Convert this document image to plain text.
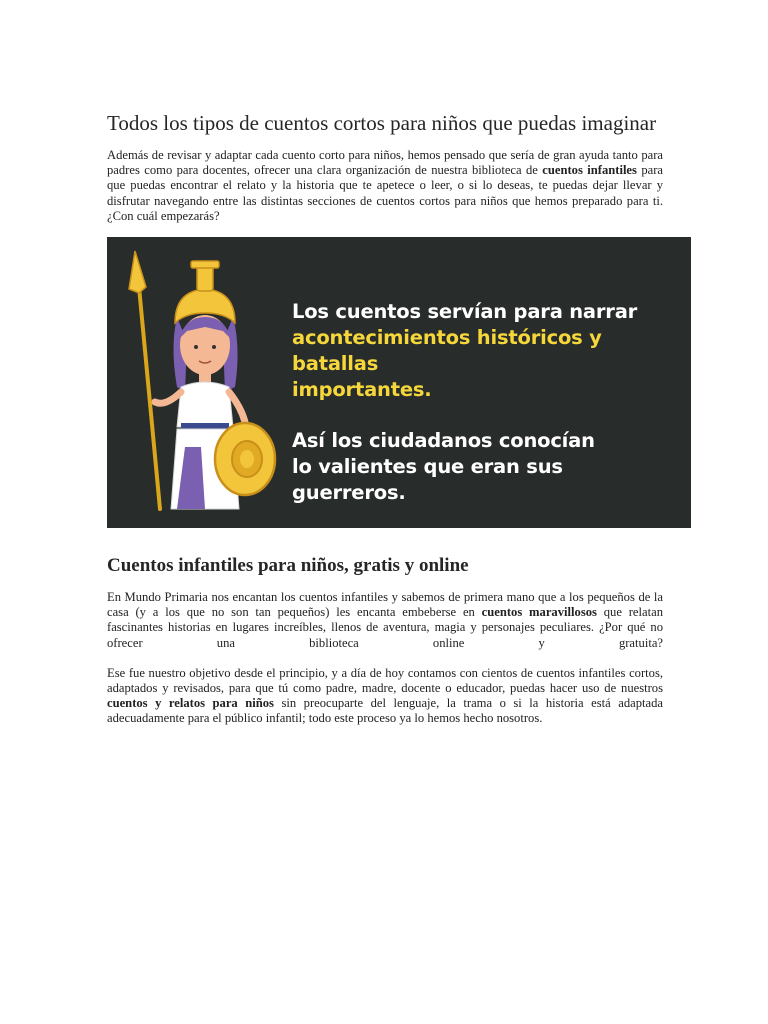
Todos los tipos de cuentos cortos para niños que puedas imaginar

Además de revisar y adaptar cada cuento corto para niños, hemos pensado que sería de gran ayuda tanto para padres como para docentes, ofrecer una clara organización de nuestra biblioteca de cuentos infantiles para que puedas encontrar el relato y la historia que te apetece o leer, o si lo deseas, te puedas dejar llevar y disfrutar navegando entre las distintas secciones de cuentos cortos para niños que hemos preparado para ti. ¿Con cuál empezarás?

Los cuentos servían para narrar
acontecimientos históricos y batallas
importantes.
Así los ciudadanos conocían
lo valientes que eran sus guerreros.
Cuentos infantiles para niños, gratis y online

En Mundo Primaria nos encantan los cuentos infantiles y sabemos de primera mano que a los pequeños de la casa (y a los que no son tan pequeños) les encanta embeberse en cuentos maravillosos que relatan fascinantes historias en lugares increíbles, llenos de aventura, magia y personajes peculiares. ¿Por qué no ofrecer una biblioteca online y gratuita?

Ese fue nuestro objetivo desde el principio, y a día de hoy contamos con cientos de cuentos infantiles cortos, adaptados y revisados, para que tú como padre, madre, docente o educador, puedas hacer uso de nuestros cuentos y relatos para niños sin preocuparte del lenguaje, la trama o si la historia está adaptada adecuadamente para el público infantil; todo este proceso ya lo hemos hecho nosotros.
